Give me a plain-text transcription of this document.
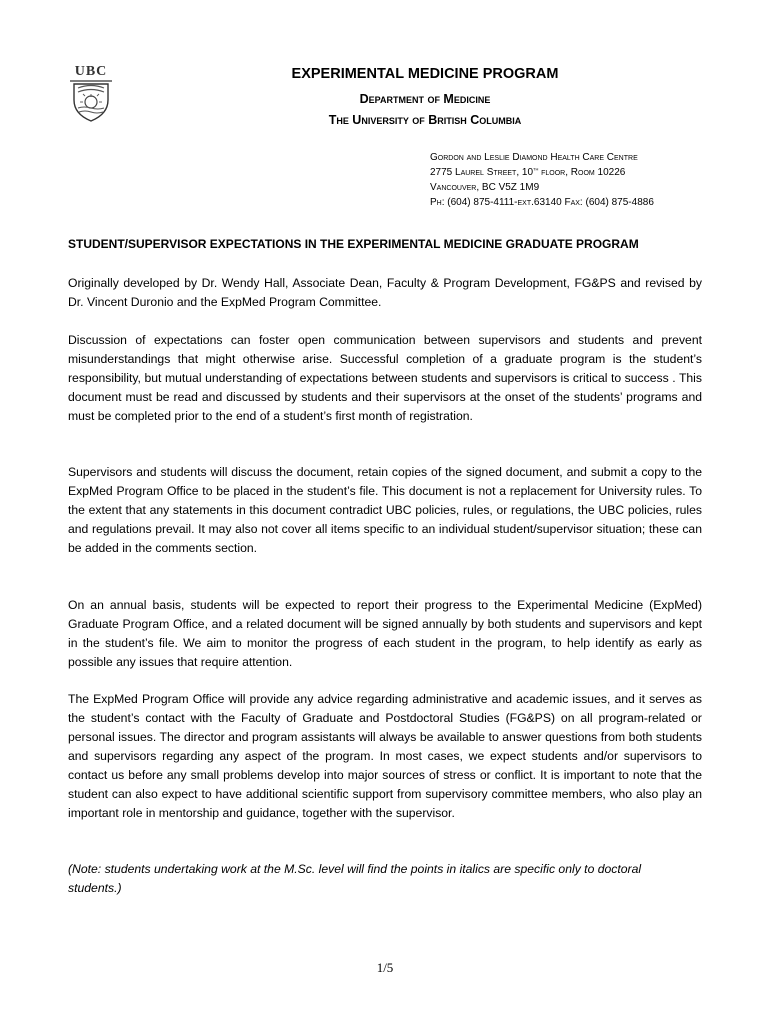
UBC	EXPERIMENTAL MEDICINE PROGRAM
Department of Medicine
The University of British Columbia
Gordon and Leslie Diamond Health Care Centre
2775 Laurel Street, 10th floor, Room 10226
Vancouver, BC V5Z 1M9
Ph: (604) 875-4111-ext.63140 Fax: (604) 875-4886
STUDENT/SUPERVISOR EXPECTATIONS IN THE EXPERIMENTAL MEDICINE GRADUATE PROGRAM
Originally developed by Dr. Wendy Hall, Associate Dean, Faculty & Program Development, FG&PS and revised by Dr. Vincent Duronio and the ExpMed Program Committee.
Discussion of expectations can foster open communication between supervisors and students and prevent misunderstandings that might otherwise arise. Successful completion of a graduate program is the student’s responsibility, but mutual understanding of expectations between students and supervisors is critical to success . This document must be read and discussed by students and their supervisors at the onset of the students’ programs and must be completed prior to the end of a student’s first month of registration.
Supervisors and students will discuss the document, retain copies of the signed document, and submit a copy to the ExpMed Program Office to be placed in the student’s file. This document is not a replacement for University rules. To the extent that any statements in this document contradict UBC policies, rules, or regulations, the UBC policies, rules and regulations prevail. It may also not cover all items specific to an individual student/supervisor situation; these can be added in the comments section.
On an annual basis, students will be expected to report their progress to the Experimental Medicine (ExpMed) Graduate Program Office, and a related document will be signed annually by both students and supervisors and kept in the student’s file. We aim to monitor the progress of each student in the program, to help identify as early as possible any issues that require attention.
The ExpMed Program Office will provide any advice regarding administrative and academic issues, and it serves as the student’s contact with the Faculty of Graduate and Postdoctoral Studies (FG&PS) on all program-related or personal issues. The director and program assistants will always be available to answer questions from both students and supervisors regarding any aspect of the program. In most cases, we expect students and/or supervisors to contact us before any small problems develop into major sources of stress or conflict. It is important to note that the student can also expect to have additional scientific support from supervisory committee members, who also play an important role in mentorship and guidance, together with the supervisor.
(Note: students undertaking work at the M.Sc. level will find the points in italics are specific only to doctoral students.)
1/5
